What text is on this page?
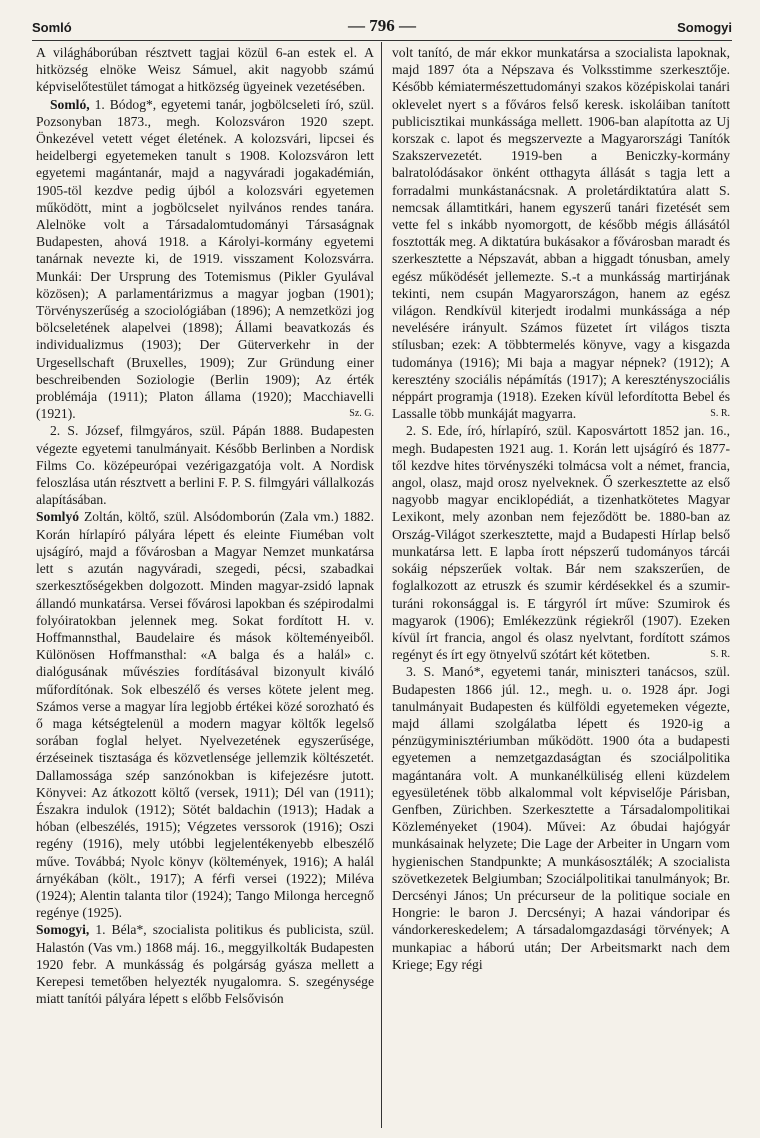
Somló	— 796 —	Somogyi

A világháborúban résztvett tagjai közül 6-an estek el. A hitközség elnöke Weisz Sámuel, akit nagyobb számú képviselőtestület támogat a hitközség ügyeinek vezetésében.

Somló, 1. Bódog*, egyetemi tanár, jogbölcseleti író, szül. Pozsonyban 1873., megh. Kolozsváron 1920 szept. Önkezével vetett véget életének. A kolozsvári, lipcsei és heidelbergi egyetemeken tanult s 1908. Kolozsváron lett egyetemi magántanár, majd a nagyváradi jogakadémián, 1905-töl kezdve pedig újból a kolozsvári egyetemen működött, mint a jogbölcselet nyilvános rendes tanára. Alelnöke volt a Társadalomtudományi Társaságnak Budapesten, ahová 1918. a Károlyi-kormány egyetemi tanárnak nevezte ki, de 1919. visszament Kolozsvárra. Munkái: Der Ursprung des Totemismus (Pikler Gyulával közösen); A parlamentárizmus a magyar jogban (1901); Törvényszerűség a szociológiában (1896); A nemzetközi jog bölcseletének alapelvei (1898); Állami beavatkozás és individualizmus (1903); Der Güterverkehr in der Urgesellschaft (Bruxelles, 1909); Zur Gründung einer beschreibenden Soziologie (Berlin 1909); Az érték problémája (1911); Platon állama (1920); Macchiavelli (1921).	Sz. G.

2. S. József, filmgyáros, szül. Pápán 1888. Budapesten végezte egyetemi tanulmányait. Később Berlinben a Nordisk Films Co. középeurópai vezérigazgatója volt. A Nordisk feloszlása után résztvett a berlini F. P. S. filmgyári vállalkozás alapításában.

Somlyó Zoltán, költő, szül. Alsódomborún (Zala vm.) 1882. Korán hírlapíró pályára lépett és eleinte Fiuméban volt ujságíró, majd a fővárosban a Magyar Nemzet munkatársa lett s azután nagyváradi, szegedi, pécsi, szabadkai szerkesztőségekben dolgozott. Minden magyar-zsidó lapnak állandó munkatársa. Versei fővárosi lapokban és szépirodalmi folyóiratokban jelennek meg. Sokat fordított H. v. Hoffmannsthal, Baudelaire és mások költeményeiből. Különösen Hoffmansthal: «A balga és a halál» c. dialógusának művészies fordításával bizonyult kiváló műfordítónak. Sok elbeszélő és verses kötete jelent meg. Számos verse a magyar líra legjobb értékei közé sorozható és ő maga kétségtelenül a modern magyar költők legelső sorában foglal helyet. Nyelvezetének egyszerűsége, érzéseinek tisztasága és közvetlensége jellemzik költészetét. Dallamossága szép sanzónokban is kifejezésre jutott. Könyvei: Az átkozott költő (versek, 1911); Dél van (1911); Északra indulok (1912); Sötét baldachin (1913); Hadak a hóban (elbeszélés, 1915); Végzetes verssorok (1916); Oszi regény (1916), mely utóbbi legjelentékenyebb elbeszélő műve. Továbbá; Nyolc könyv (költemények, 1916); A halál árnyékában (költ., 1917); A férfi versei (1922); Miléva (1924); Alentin talanta tilor (1924); Tango Milonga hercegnő regénye (1925).

Somogyi, 1. Béla*, szocialista politikus és publicista, szül. Halastón (Vas vm.) 1868 máj. 16., meggyilkolták Budapesten 1920 febr. A munkásság és polgárság gyásza mellett a Kerepesi temetőben helyezték nyugalomra. S. szegénysége miatt tanítói pályára lépett s előbb Felsővisón

volt tanító, de már ekkor munkatársa a szocialista lapoknak, majd 1897 óta a Népszava és Volksstimme szerkesztője. Később kémiatermészettudományi szakos középiskolai tanári oklevelet nyert s a főváros felső keresk. iskoláiban tanított publicisztikai munkássága mellett. 1906-ban alapította az Uj korszak c. lapot és megszervezte a Magyarországi Tanítók Szakszervezetét. 1919-ben a Beniczky-kormány balratolódásakor önként otthagyta állását s tagja lett a forradalmi munkástanácsnak. A proletárdiktatúra alatt S. nemcsak államtitkári, hanem egyszerű tanári fizetését sem vette fel s inkább nyomorgott, de később mégis állásától fosztották meg. A diktatúra bukásakor a fővárosban maradt és szerkesztette a Népszavát, abban a higgadt tónusban, amely egész működését jellemezte. S.-t a munkásság martirjának tekinti, nem csupán Magyarországon, hanem az egész világon. Rendkívül kiterjedt irodalmi munkássága a nép nevelésére irányult. Számos füzetet írt világos tiszta stílusban; ezek: A többtermelés könyve, vagy a kisgazda tudománya (1916); Mi baja a magyar népnek? (1912); A keresztény szociális népámítás (1917); A keresztényszociális néppárt programja (1918). Ezeken kívül lefordította Bebel és Lassalle több munkáját magyarra.	S. R.

2. S. Ede, író, hírlapíró, szül. Kaposvártott 1852 jan. 16., megh. Budapesten 1921 aug. 1. Korán lett ujságíró és 1877-től kezdve hites törvényszéki tolmácsa volt a német, francia, angol, olasz, majd orosz nyelveknek. Ő szerkesztette az első nagyobb magyar enciklopédiát, a tizenhatkötetes Magyar Lexikont, mely azonban nem fejeződött be. 1880-ban az Ország-Világot szerkesztette, majd a Budapesti Hírlap belső munkatársa lett. E lapba írott népszerű tudományos tárcái sokáig népszerűek voltak. Bár nem szakszerűen, de foglalkozott az etruszk és szumir kérdésekkel és a szumir-turáni rokonsággal is. E tárgyról írt műve: Szumirok és magyarok (1906); Emlékezzünk régiekről (1907). Ezeken kívül írt francia, angol és olasz nyelvtant, fordított számos regényt és írt egy ötnyelvű szótárt két kötetben.	S. R.

3. S. Manó*, egyetemi tanár, miniszteri tanácsos, szül. Budapesten 1866 júl. 12., megh. u. o. 1928 ápr. Jogi tanulmányait Budapesten és külföldi egyetemeken végezte, majd állami szolgálatba lépett és 1920-ig a pénzügyminisztériumban működött. 1900 óta a budapesti egyetemen a nemzetgazdaságtan és szociálpolitika magántanára volt. A munkanélküliség elleni küzdelem egyesületének több alkalommal volt képviselője Párisban, Genfben, Zürichben. Szerkesztette a Társadalompolitikai Közleményeket (1904). Művei: Az óbudai hajógyár munkásainak helyzete; Die Lage der Arbeiter in Ungarn vom hygienischen Standpunkte; A munkásosztálék; A szocialista szövetkezetek Belgiumban; Szociálpolitikai tanulmányok; Br. Dercsényi János; Un précurseur de la politique sociale en Hongrie: le baron J. Dercsényi; A hazai vándoripar és vándorkereskedelem; A társadalomgazdasági törvények; A munkapiac a háború után; Der Arbeitsmarkt nach dem Kriege; Egy régi
